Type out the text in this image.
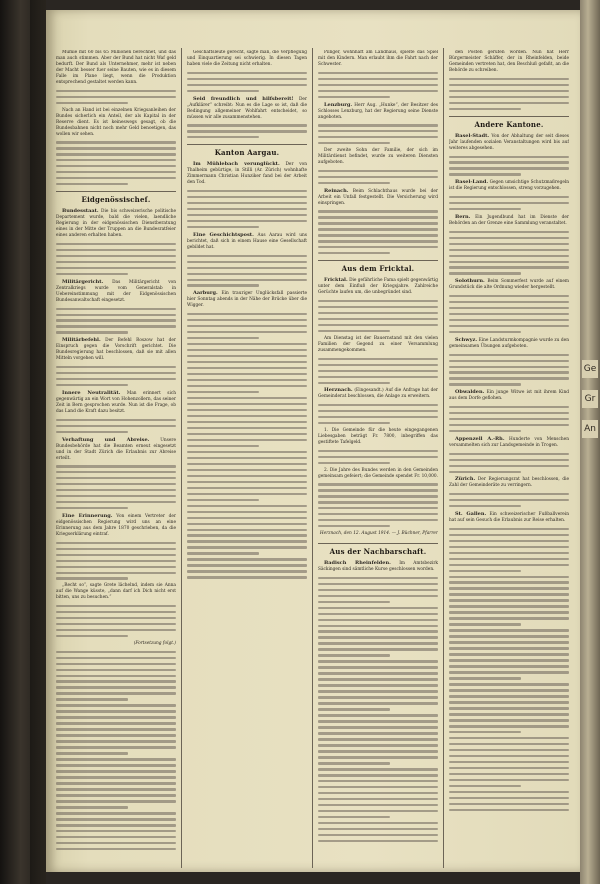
Mumie mit 60 bis 65 Millionen berechnet, und das man auch stimmen. Aber der Bund hat nicht Waf geld bedurft. Der Bund als Unternehmer, mehr ist neben der Macht besser fuer seine Bauten, wie es in diesem Falle im Plane liegt, wenn die Produktion entsprechend gestaltet werden kann.
Nach an Hand ist bei einzelnen Kriegsanleihen der Bundes sicherlich ein Anteil, der als Kapital in der Reserve dient. Es ist keineswegs gesagt, ob die Bundesbahnen nicht noch mehr Geld benoetigen, das wollen wir sehen.
Eidgenössischeſ.
Bundesstaat. Die bis schweizerische politische Departement wurde, bald die vielen, laendliche Regierung in der eidgenössischen Dienstberatung eines in der Mitte der Truppen an die Bundesratfeier eines anderen erhalten haben.
Militärgericht. Das Militärgericht von Zentralkriegs wurde vom Generalstab in Uebereinstimmung mit der Eidgenössischen Bundesanwaltschaft eingesetzt.
Militärbefehl. Der Befehl Roszow hat der Einspruch gegen die Vorschrift gerichtet. Die Bundesregierung hat beschlossen, daß sie mit allen Mitteln vorgehen will.
Innere Neutralität. Man erinnert sich gegenwärtig an ein Wort von Hohenzollern, das seiner Zeit in Bern gesprochen wurde. Nun ist die Frage, ob das Land die Kraft dazu besitzt.
Verhaftung und Abreise.	Unsere Bundesbehörde hat die Beamten erneut eingesetzt und in der Stadt Zürich die Erlaubnis zur Abreise erteilt.
Eine Erinnerung. Von einem Vertreter der eidgenössischen Regierung wird uns an eine Erinnerung aus dem Jahre 1870 geschrieben, da die Kriegserklärung eintraf.
„Recht so“, sagte Grete lächelnd, indem sie Anna auf die Wange küsste, „dann darf ich Dich nicht erst bitten, uns zu besuchen.“
(Fortsetzung folgt.)
Geschäftsleute gerecht, sagte man, die Verpflegung und Einquartierung sei schwierig. In diesen Tagen haben viele die Zeitung nicht erhalten.
Seid freundlich und hilfsbereit! Der „Aufklärer“ schreibt: Nun es die Lage so ist, daß die Bedingung allgemeiner Wohlfahrt entscheidet, so müssen wir alle zusammenstehen.
Kanton Aargau.
Im Mühlebach verunglückt. Der von Thalheim gebürtige, in Stilli (Ar. Zürich) wohnhafte Zimmermann Christian Hunziker fand bei der Arbeit den Tod.
Eine Geschichtspost. Aus Aarau wird uns berichtet, daß sich in einem Hause eine Gesellschaft gebildet hat.
Aarburg. Ein trauriger Unglücksfall passierte hier Sonntag abends in der Nähe der Brücke über die Wigger.
Pilliger, wohnhaft am Landhaus, spielte das Spiel mit den Kindern. Man erlaubt ihm die Fahrt nach der Schwester.
Lenzburg. Herr Aug. „Hunke“, der Besitzer des Schlosses Lenzburg, hat der Regierung seine Dienste angeboten.
Der zweite Sohn der Familie, der sich im Militärdienst befindet, wurde zu weiteren Diensten aufgeboten.
Reinach. Beim Schlachthaus wurde bei der Arbeit ein Unfall festgestellt. Die Versicherung wird einspringen.
Aus dem Fricktal.
Fricktal. Die gefährliche Fama spielt gegenwärtig unter dem Einfluß der Kriegsjahre. Zahlreiche Gerüchte laufen um, die unbegründet sind.
Am Dienstag ist der Bauernstand mit den vielen Familien der Gegend zu einer Versammlung zusammengekommen.
Herznach. (Eingesandt.) Auf die Anfrage hat der Gemeinderat beschlossen, die Anlage zu erweitern.
1. Die Gemeinde für die heute eingegangenen Liebesgaben beträgt Fr. 7800, inbegriffen das gestiftete Tafelgeld.
2. Die Jahre des Bundes werden in den Gemeinden gemeinsam gefeiert; die Gemeinde spendet Fr. 10,000.
Herznach, den 12. August 1914. — J. Büchner, Pfarrer
Aus der Nachbarschaft.
Badisch Rheinfelden. Im Amtsbezirk Säckingen sind sämtliche Kurse geschlossen worden.
den Posten gerufen worden. Nun hat Herr Bürgermeister Schäffer, der in Rheinfelden, beide Gemeinden vertreten hat, den Beschluß gefaßt, an die Behörde zu schreiben.
Andere Kantone.
Basel-Stadt. Von der Abhaltung der seit dieses Jahr laufenden sozialen Veranstaltungen wird bis auf weiteres abgesehen.
Basel-Land. Gegen umsichtige Schutzmaßregeln ist die Regierung entschlossen, streng vorzugehen.
Bern. Ein Jugendbund hat im Dienste der Behörden an der Grenze eine Sammlung veranstaltet.
Solothurn. Beim Sommerfest wurde auf einem Grundstück die alte Ordnung wieder hergestellt.
Schwyz. Eine Landsturmkompagnie wurde zu den gemeinsamen Übungen aufgeboten.
Obwalden. Ein junge Witwe ist mit ihrem Kind aus dem Dorfe geflohen.
Appenzell A.-Rh. Hunderte von Menschen versammelten sich zur Landsgemeinde in Trogen.
Zürich. Der Regierungsrat hat beschlossen, die Zahl der Gemeinderäte zu verringern.
St. Gallen. Ein schweizerischer Fußballverein hat auf sein Gesuch die Erlaubnis zur Reise erhalten.
Ge
Gr
An
